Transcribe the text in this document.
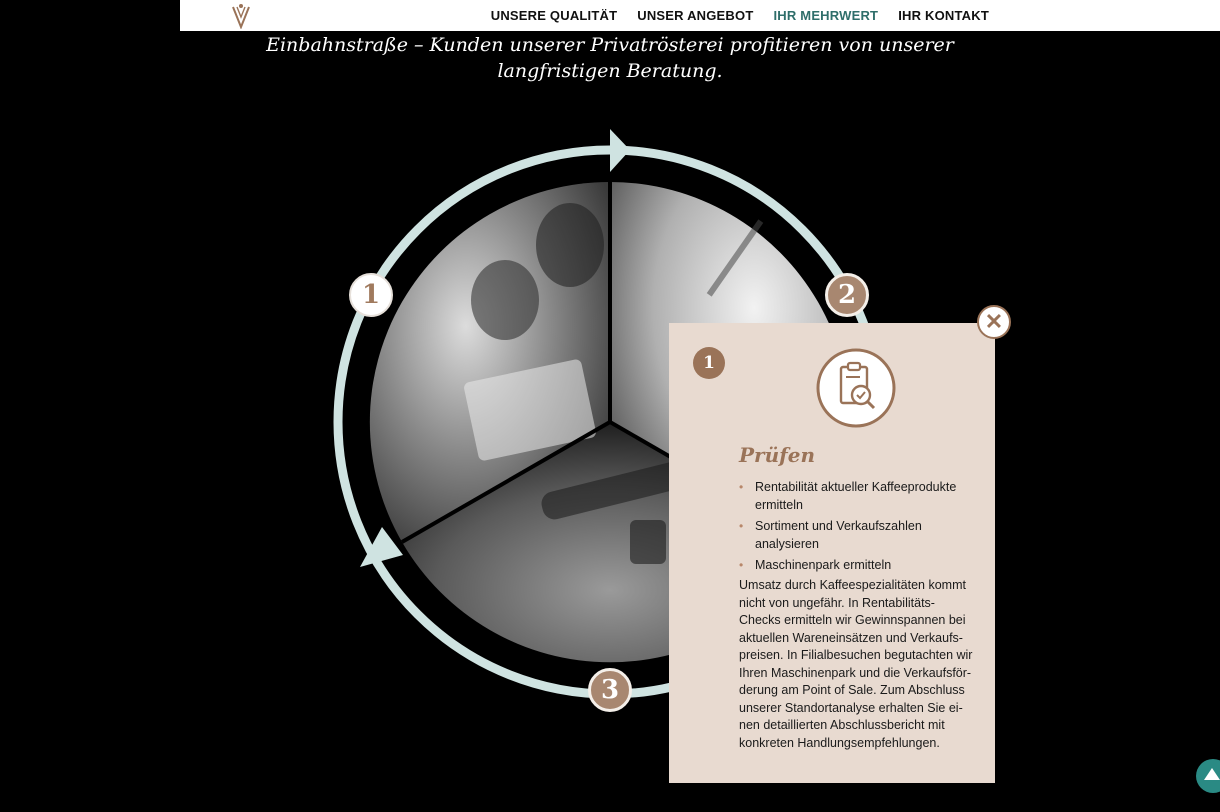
UNSERE QUALITÄT UNSER ANGEBOT IHR MEHRWERT IHR KONTAKT
Einbahnstraße – Kunden unserer Privatrösterei profitieren von unserer langfristigen Beratung.
1	2
3
1
Prüfen
• Rentabilität aktueller Kaffeeprodukte ermitteln
• Sortiment und Verkaufszahlen analysieren
• Maschinenpark ermitteln

Umsatz durch Kaffeespezialitäten kommt nicht von ungefähr. In Rentabilitäts-Checks ermitteln wir Gewinnspannen bei aktuellen Wareneinsätzen und Verkaufs-preisen. In Filialbesuchen begutachten wir Ihren Maschinenpark und die Verkaufsför-derung am Point of Sale. Zum Abschluss unserer Standortanalyse erhalten Sie ei-nen detaillierten Abschlussbericht mit konkreten Handlungsempfehlungen.

✕
